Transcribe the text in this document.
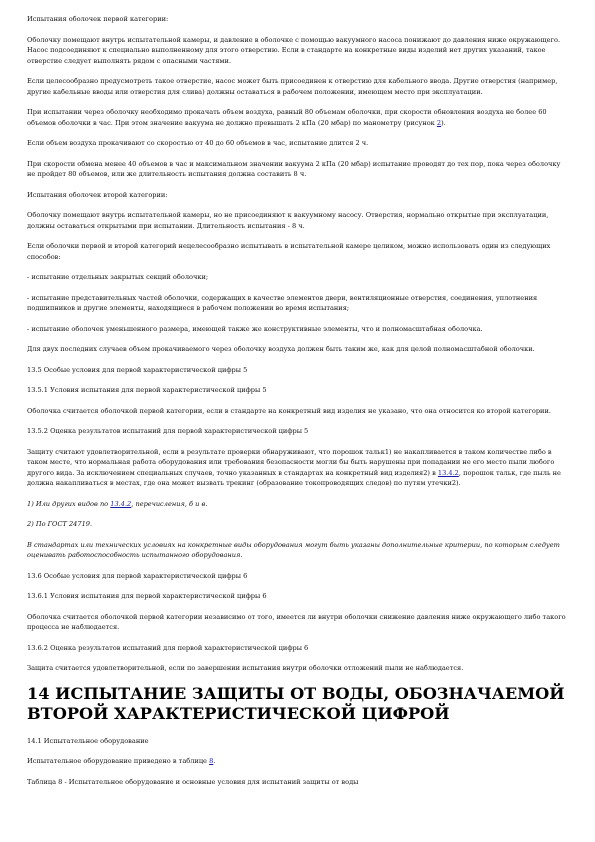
Испытания оболочек первой категории:

Оболочку помещают внутрь испытательной камеры, и давление в оболочке с помощью вакуумного насоса понижают до давления ниже окружающего. Насос подсоединяют к специально выполненному для этого отверстию. Если в стандарте на конкретные виды изделий нет других указаний, такое отверстие следует выполнять рядом с опасными частями.

Если целесообразно предусмотреть такое отверстие, насос может быть присоединен к отверстию для кабельного ввода. Другие отверстия (например, другие кабельные вводы или отверстия для слива) должны оставаться в рабочем положении, имеющем место при эксплуатации.

При испытании через оболочку необходимо прокачать объем воздуха, равный 80 объемам оболочки, при скорости обновления воздуха не более 60 объемов оболочки в час. При этом значение вакуума не должно превышать 2 кПа (20 мбар) по манометру (рисунок 2).

Если объем воздуха прокачивают со скоростью от 40 до 60 объемов в час, испытание длится 2 ч.

При скорости обмена менее 40 объемов в час и максимальном значении вакуума 2 кПа (20 мбар) испытание проводят до тех пор, пока через оболочку не пройдет 80 объемов, или же длительность испытания должна составить 8 ч.

Испытания оболочек второй категории:

Оболочку помещают внутрь испытательной камеры, но не присоединяют к вакуумному насосу. Отверстия, нормально открытые при эксплуатации, должны оставаться открытыми при испытании. Длительность испытания - 8 ч.

Если оболочки первой и второй категорий нецелесообразно испытывать в испытательной камере целиком, можно использовать один из следующих способов:

- испытание отдельных закрытых секций оболочки;

- испытание представительных частей оболочки, содержащих в качестве элементов двери, вентиляционные отверстия, соединения, уплотнения подшипников и другие элементы, находящиеся в рабочем положении во время испытания;

- испытание оболочек уменьшенного размера, имеющей также же конструктивные элементы, что и полномасштабная оболочка.

Для двух последних случаев объем прокачиваемого через оболочку воздуха должен быть таким же, как для целой полномасштабной оболочки.

13.5 Особые условия для первой характеристической цифры 5

13.5.1 Условия испытания для первой характеристической цифры 5

Оболочка считается оболочкой первой категории, если в стандарте на конкретный вид изделия не указано, что она относится ко второй категории.

13.5.2 Оценка результатов испытаний для первой характеристической цифры 5

Защиту считают удовлетворительной, если в результате проверки обнаруживают, что порошок тальк1) не накапливается в таком количестве либо в таком месте, что нормальная работа оборудования или требования безопасности могли бы быть нарушены при попадании не его место пыли любого другого вида. За исключением специальных случаев, точно указанных в стандартах на конкретный вид изделия2) в 13.4.2, порошок тальк, где пыль не должна накапливаться в местах, где она может вызвать трекинг (образование токопроводящих следов) по путям утечки2).

1) Или других видов по 13.4.2, перечисления, б и в.

2) По ГОСТ 24719.

В стандартах или технических условиях на конкретные виды оборудования могут быть указаны дополнительные критерии, по которым следует оценивать работоспособность испытанного оборудования.

13.6 Особые условия для первой характеристической цифры 6

13.6.1 Условия испытания для первой характеристической цифры 6

Оболочка считается оболочкой первой категории независимо от того, имеется ли внутри оболочки снижение давления ниже окружающего либо такого процесса не наблюдается.

13.6.2 Оценка результатов испытаний для первой характеристической цифры 6

Защита считается удовлетворительной, если по завершении испытания внутри оболочки отложений пыли не наблюдается.

14 ИСПЫТАНИЕ ЗАЩИТЫ ОТ ВОДЫ, ОБОЗНАЧАЕМОЙ ВТОРОЙ ХАРАКТЕРИСТИЧЕСКОЙ ЦИФРОЙ

14.1 Испытательное оборудование

Испытательное оборудование приведено в таблице 8.

Таблица 8 - Испытательное оборудование и основные условия для испытаний защиты от воды
